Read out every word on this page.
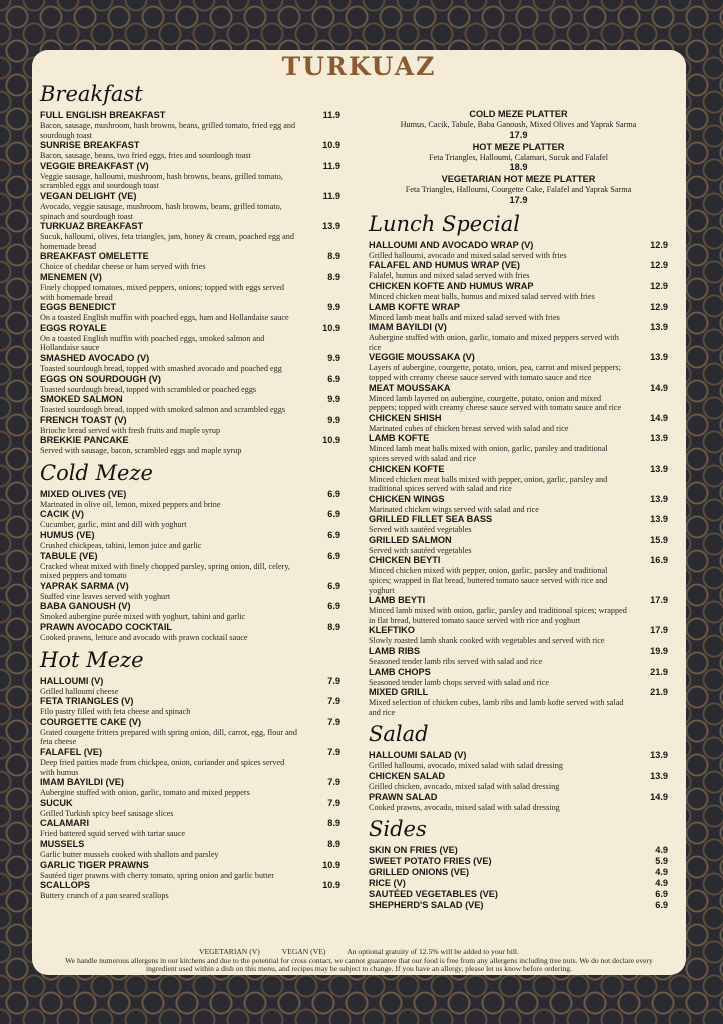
TURKUAZ
Breakfast
FULL ENGLISH BREAKFAST	11.9
Bacon, sausage, mushroom, hash browns, beans, grilled tomato, fried egg and sourdough toast
SUNRISE BREAKFAST	10.9
Bacon, sausage, beans, two fried eggs, fries and sourdough toast
VEGGIE BREAKFAST (V)	11.9
Veggie sausage, halloumi, mushroom, hash browns, beans, grilled tomato, scrambled eggs and sourdough toast
VEGAN DELIGHT (VE)	11.9
Avocado, veggie sausage, mushroom, hash browns, beans, grilled tomato, spinach and sourdough toast
TURKUAZ BREAKFAST	13.9
Sucuk, halloumi, olives, feta triangles, jam, honey & cream, poached egg and homemade bread
BREAKFAST OMELETTE	8.9
Choice of cheddar cheese or ham served with fries
MENEMEN (V)	8.9
Finely chopped tomatoes, mixed peppers, onions; topped with eggs served with homemade bread
EGGS BENEDICT	9.9
On a toasted English muffin with poached eggs, ham and Hollandaise sauce
EGGS ROYALE	10.9
On a toasted English muffin with poached eggs, smoked salmon and Hollandaise sauce
SMASHED AVOCADO (V)	9.9
Toasted sourdough bread, topped with smashed avocado and poached egg
EGGS ON SOURDOUGH (V)	6.9
Toasted sourdough bread, topped with scrambled or poached eggs
SMOKED SALMON	9.9
Toasted sourdough bread, topped with smoked salmon and scrambled eggs
FRENCH TOAST (V)	9.9
Brioche bread served with fresh fruits and maple syrup
BREKKIE PANCAKE	10.9
Served with sausage, bacon, scrambled eggs and maple syrup
Cold Meze
MIXED OLIVES (VE)	6.9
Marinated in olive oil, lemon, mixed peppers and brine
CACIK (V)	6.9
Cucumber, garlic, mint and dill with yoghurt
HUMUS (VE)	6.9
Crushed chickpeas, tahini, lemon juice and garlic
TABULE (VE)	6.9
Cracked wheat mixed with finely chopped parsley, spring onion, dill, celery, mixed peppers and tomato
YAPRAK SARMA (V)	6.9
Stuffed vine leaves served with yoghurt
BABA GANOUSH (V)	6.9
Smoked aubergine purée mixed with yoghurt, tahini and garlic
PRAWN AVOCADO COCKTAIL	8.9
Cooked prawns, lettuce and avocado with prawn cocktail sauce
Hot Meze
HALLOUMI (V)	7.9
Grilled halloumi cheese
FETA TRIANGLES (V)	7.9
Filo pastry filled with feta cheese and spinach
COURGETTE CAKE (V)	7.9
Grated courgette fritters prepared with spring onion, dill, carrot, egg, flour and feta cheese
FALAFEL (VE)	7.9
Deep fried patties made from chickpea, onion, coriander and spices served with humus
IMAM BAYILDI (VE)	7.9
Aubergine stuffed with onion, garlic, tomato and mixed peppers
SUCUK	7.9
Grilled Turkish spicy beef sausage slices
CALAMARI	8.9
Fried battered squid served with tartar sauce
MUSSELS	8.9
Garlic butter mussels cooked with shallots and parsley
GARLIC TIGER PRAWNS	10.9
Sautéed tiger prawns with cherry tomato, spring onion and garlic butter
SCALLOPS	10.9
Buttery crunch of a pan seared scallops
COLD MEZE PLATTER
Humus, Cacik, Tabule, Baba Ganoush, Mixed Olives and Yaprak Sarma
17.9
HOT MEZE PLATTER
Feta Triangles, Halloumi, Calamari, Sucuk and Falafel
18.9
VEGETARIAN HOT MEZE PLATTER
Feta Triangles, Halloumi, Courgette Cake, Falafel and Yaprak Sarma
17.9
Lunch Special
HALLOUMI AND AVOCADO WRAP (V)	12.9
Grilled halloumi, avocado and mixed salad served with fries
FALAFEL AND HUMUS WRAP (VE)	12.9
Falafel, humus and mixed salad served with fries
CHICKEN KOFTE AND HUMUS WRAP	12.9
Minced chicken meat balls, humus and mixed salad served with fries
LAMB KOFTE WRAP	12.9
Minced lamb meat balls and mixed salad served with fries
IMAM BAYILDI (V)	13.9
Aubergine stuffed with onion, garlic, tomato and mixed peppers served with rice
VEGGIE MOUSSAKA (V)	13.9
Layers of aubergine, courgette, potato, onion, pea, carrot and mixed peppers; topped with creamy cheese sauce served with tomato sauce and rice
MEAT MOUSSAKA	14.9
Minced lamb layered on aubergine, courgette, potato, onion and mixed peppers; topped with creamy cheese sauce served with tomato sauce and rice
CHICKEN SHISH	14.9
Marinated cubes of chicken breast served with salad and rice
LAMB KOFTE	13.9
Minced lamb meat balls mixed with onion, garlic, parsley and traditional spices served with salad and rice
CHICKEN KOFTE	13.9
Minced chicken meat balls mixed with pepper, onion, garlic, parsley and traditional spices served with salad and rice
CHICKEN WINGS	13.9
Marinated chicken wings served with salad and rice
GRILLED FILLET SEA BASS	13.9
Served with sautéed vegetables
GRILLED SALMON	15.9
Served with sautéed vegetables
CHICKEN BEYTI	16.9
Minced chicken mixed with pepper, onion, garlic, parsley and traditional spices; wrapped in flat bread, buttered tomato sauce served with rice and yoghurt
LAMB BEYTI	17.9
Minced lamb mixed with onion, garlic, parsley and traditional spices; wrapped in flat bread, buttered tomato sauce served with rice and yoghurt
KLEFTIKO	17.9
Slowly roasted lamb shank cooked with vegetables and served with rice
LAMB RIBS	19.9
Seasoned tender lamb ribs served with salad and rice
LAMB CHOPS	21.9
Seasoned tender lamb chops served with salad and rice
MIXED GRILL	21.9
Mixed selection of chicken cubes, lamb ribs and lamb kofte served with salad and rice
Salad
HALLOUMI SALAD (V)	13.9
Grilled halloumi, avocado, mixed salad with salad dressing
CHICKEN SALAD	13.9
Grilled chicken, avocado, mixed salad with salad dressing
PRAWN SALAD	14.9
Cooked prawns, avocado, mixed salad with salad dressing
Sides
SKIN ON FRIES (VE)	4.9
SWEET POTATO FRIES (VE)	5.9
GRILLED ONIONS (VE)	4.9
RICE (V)	4.9
SAUTÉED VEGETABLES (VE)	6.9
SHEPHERD'S SALAD (VE)	6.9
VEGETARIAN (V)	VEGAN (VE)	An optional gratuity of 12.5% will be added to your bill.
We handle numerous allergens in our kitchens and due to the potential for cross contact, we cannot guarantee that our food is free from any allergens including tree nuts. We do not declare every ingredient used within a dish on this menu, and recipes may be subject to change. If you have an allergy, please let us know before ordering.
